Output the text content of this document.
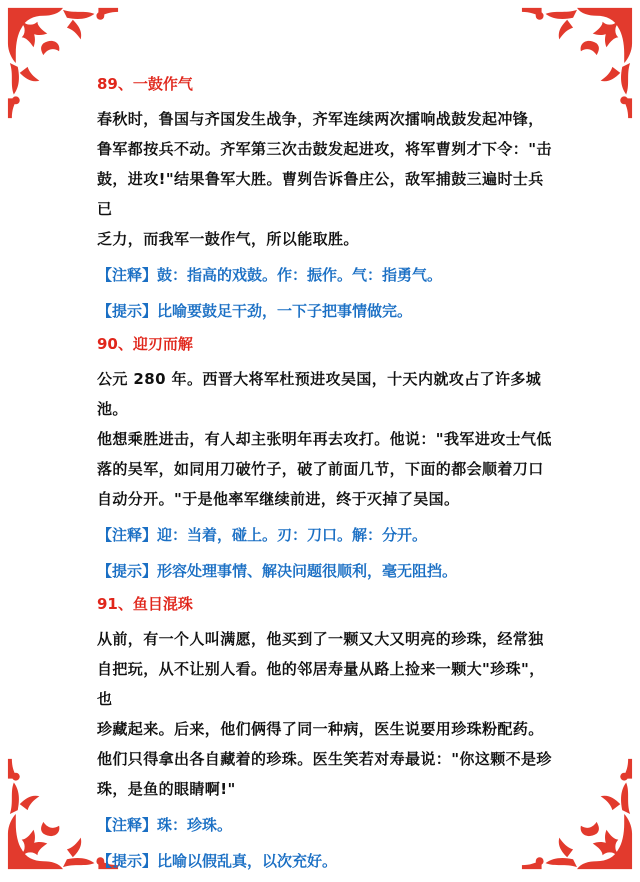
89、一鼓作气
春秋时，鲁国与齐国发生战争，齐军连续两次擂响战鼓发起冲锋，
鲁军都按兵不动。齐军第三次击鼓发起进攻，将军曹刿才下令："击
鼓，进攻!"结果鲁军大胜。曹刿告诉鲁庄公，敌军捕鼓三遍时士兵已
乏力，而我军一鼓作气，所以能取胜。
【注释】鼓：指高的戏鼓。作：振作。气：指勇气。
【提示】比喻要鼓足干劲，一下子把事情做完。
90、迎刃而解
公元 280 年。西晋大将军杜预进攻吴国，十天内就攻占了许多城池。
他想乘胜进击，有人却主张明年再去攻打。他说："我军进攻士气低
落的吴军，如同用刀破竹子，破了前面几节，下面的都会顺着刀口
自动分开。"于是他率军继续前进，终于灭掉了吴国。
【注释】迎：当着，碰上。刃：刀口。解：分开。
【提示】形容处理事情、解决问题很顺利，毫无阻挡。
91、鱼目混珠
从前，有一个人叫满愿，他买到了一颗又大又明亮的珍珠，经常独
自把玩，从不让别人看。他的邻居寿量从路上捡来一颗大"珍珠"，也
珍藏起来。后来，他们俩得了同一种病，医生说要用珍珠粉配药。
他们只得拿出各自藏着的珍珠。医生笑若对寿最说："你这颗不是珍
珠，是鱼的眼睛啊!"
【注释】珠：珍珠。
【提示】比喻以假乱真，以次充好。
